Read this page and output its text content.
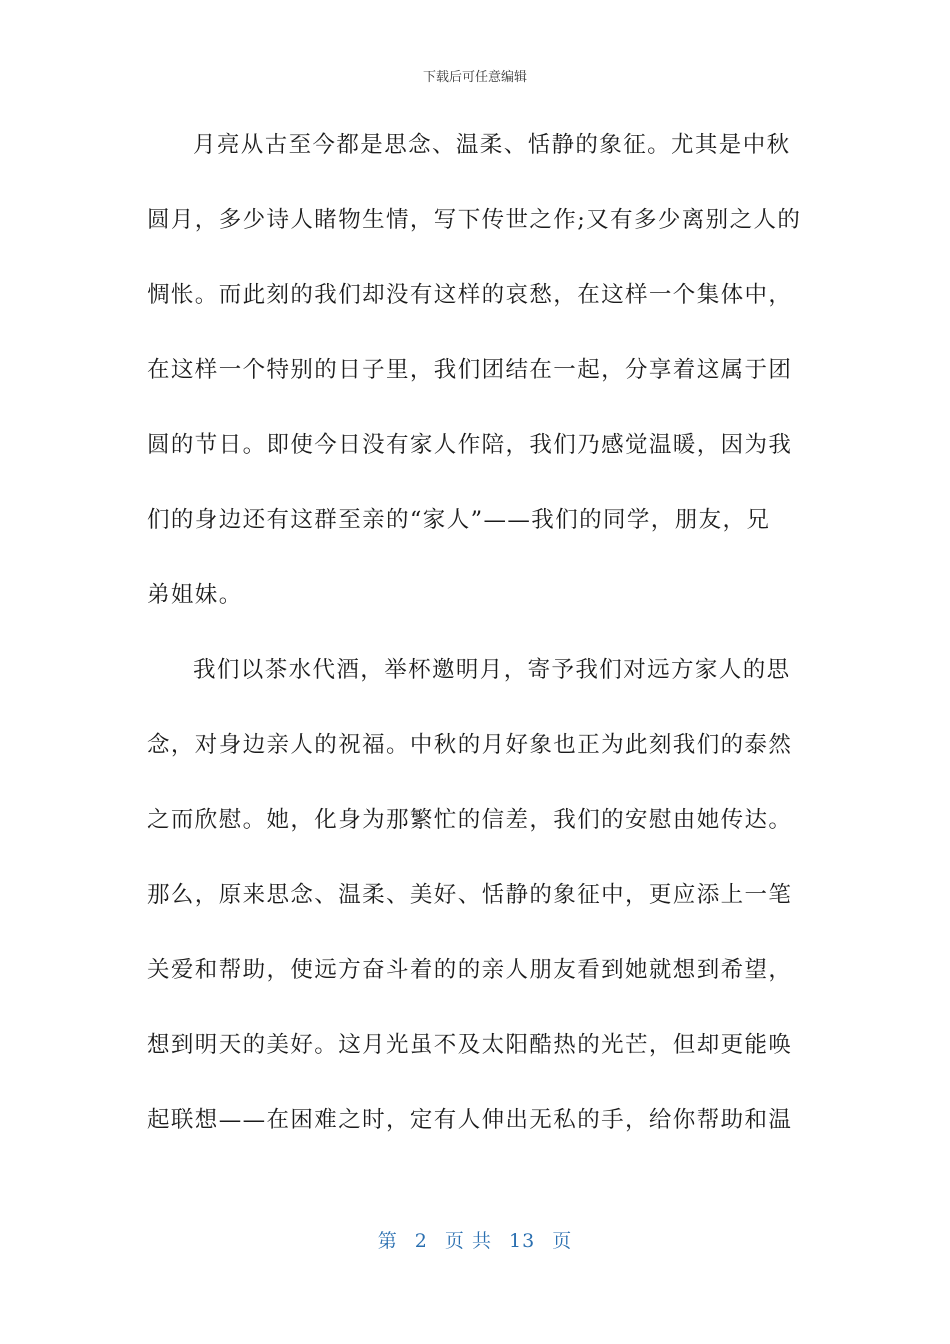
下载后可任意编辑
月亮从古至今都是思念、温柔、恬静的象征。尤其是中秋
圆月，多少诗人睹物生情，写下传世之作;又有多少离别之人的
惆怅。而此刻的我们却没有这样的哀愁，在这样一个集体中，
在这样一个特别的日子里，我们团结在一起，分享着这属于团
圆的节日。即使今日没有家人作陪，我们乃感觉温暖，因为我
们的身边还有这群至亲的“家人”——我们的同学，朋友，兄
弟姐妹。
我们以茶水代酒，举杯邀明月，寄予我们对远方家人的思
念，对身边亲人的祝福。中秋的月好象也正为此刻我们的泰然
之而欣慰。她，化身为那繁忙的信差，我们的安慰由她传达。
那么，原来思念、温柔、美好、恬静的象征中，更应添上一笔
关爱和帮助，使远方奋斗着的的亲人朋友看到她就想到希望，
想到明天的美好。这月光虽不及太阳酷热的光芒，但却更能唤
起联想——在困难之时，定有人伸出无私的手，给你帮助和温
第 2 页 共 13 页
